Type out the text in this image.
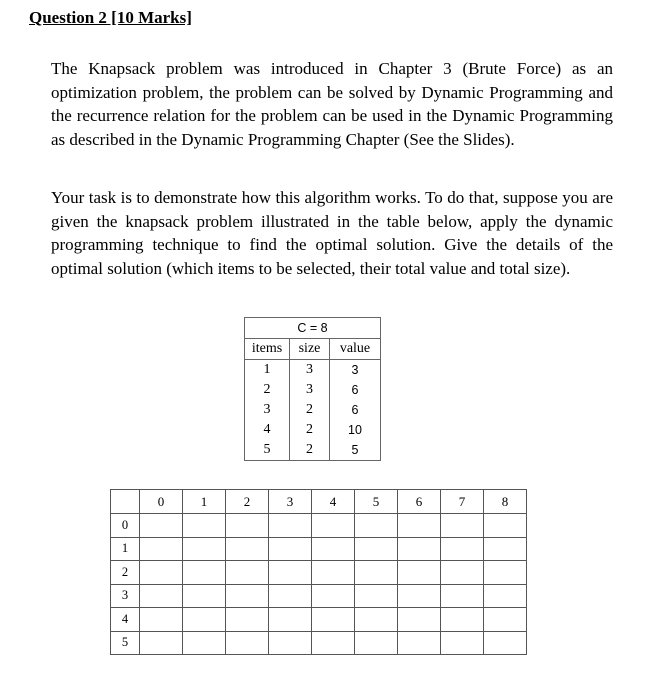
Question 2 [10 Marks]
The Knapsack problem was introduced in Chapter 3 (Brute Force) as an optimization problem, the problem can be solved by Dynamic Programming and the recurrence relation for the problem can be used in the Dynamic Programming as described in the Dynamic Programming Chapter (See the Slides).
Your task is to demonstrate how this algorithm works. To do that, suppose you are given the knapsack problem illustrated in the table below, apply the dynamic programming technique to find the optimal solution. Give the details of the optimal solution (which items to be selected, their total value and total size).
C = 8		
items	size	value
1	3	3
2	3	6
3	2	6
4	2	10
5	2	5
	0	1	2	3	4	5	6	7	8
0									
1									
2									
3									
4									
5									
